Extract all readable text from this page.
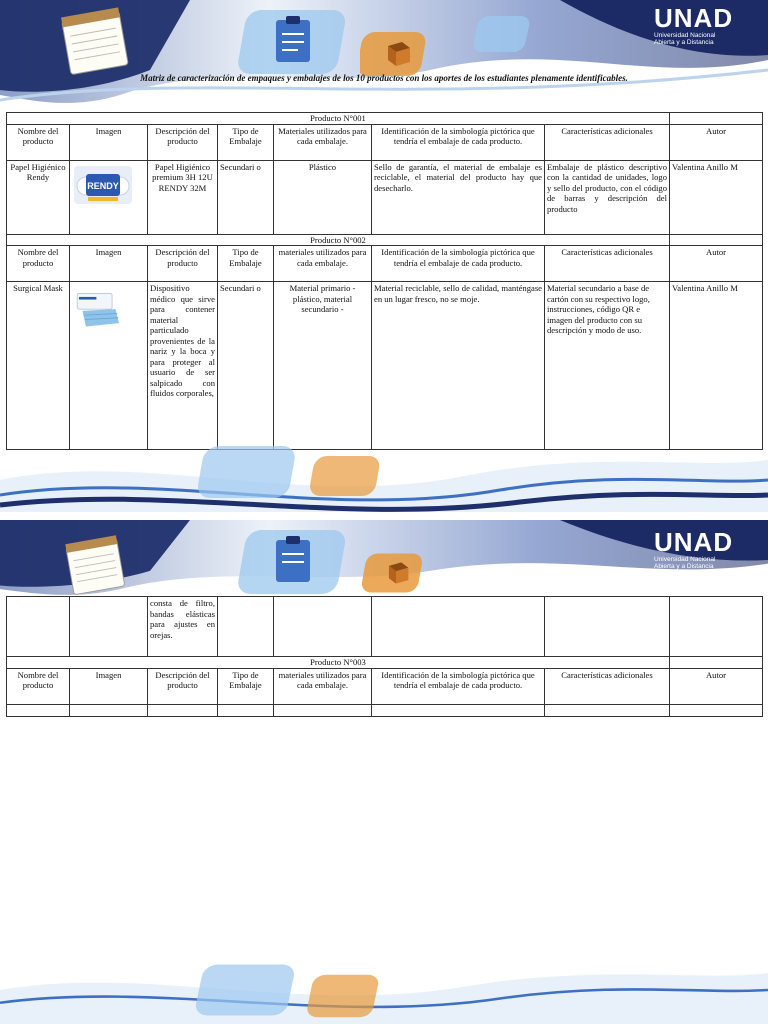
UNAD
Universidad Nacional
Abierta y a Distancia
Matriz de caracterización de empaques y embalajes de los 10 productos con los aportes de los estudiantes plenamente identificables.
Producto N°001							
Nombre del producto	Imagen	Descripción del producto	Tipo de Embalaje	Materiales utilizados para cada embalaje.	Identificación de la simbología pictórica que tendría el embalaje de cada producto.	Características adicionales	Autor
Papel Higiénico Rendy	RENDY	Papel Higiénico premium 3H 12U RENDY 32M	Secundari o	Plástico	Sello de garantía, el material de embalaje es reciclable, el material del producto hay que desecharlo.	Embalaje de plástico descriptivo con la cantidad de unidades, logo y sello del producto, con el código de barras y descripción del producto	Valentina Anillo M
Producto N°002							
Nombre del producto	Imagen	Descripción del producto	Tipo de Embalaje	materiales utilizados para cada embalaje.	Identificación de la simbología pictórica que tendría el embalaje de cada producto.	Características adicionales	Autor
Surgical Mask		Dispositivo médico que sirve para contener material particulado provenientes de la nariz y la boca y para proteger al usuario de ser salpicado con fluidos corporales,	Secundari o	Material primario - plástico, material secundario -	Material reciclable, sello de calidad, manténgase en un lugar fresco, no se moje.	Material secundario a base de cartón con su respectivo logo, instrucciones, código QR e imagen del producto con su descripción y modo de uso.	Valentina Anillo M
UNAD
Universidad Nacional
Abierta y a Distancia
		consta de filtro, bandas elásticas para ajustes en orejas.					
Producto N°003							
Nombre del producto	Imagen	Descripción del producto	Tipo de Embalaje	materiales utilizados para cada embalaje.	Identificación de la simbología pictórica que tendría el embalaje de cada producto.	Características adicionales	Autor
